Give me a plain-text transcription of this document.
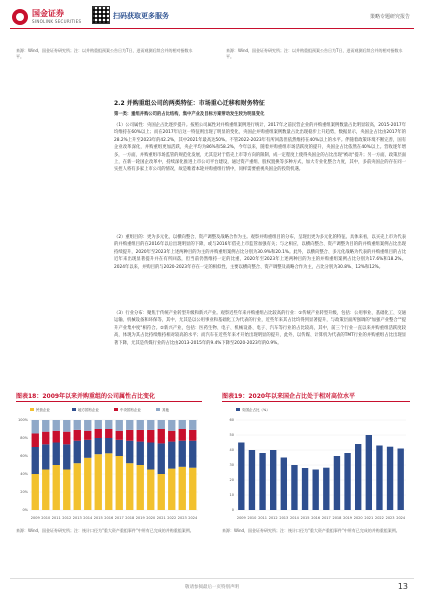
国金证券
SINOLINK SECURITIES
扫码获取更多服务	策略专题研究报告
来源：Wind，国金证券研究所；注：以并购重组预案公告日为T日，进而观测后续合并的相对指数水平。
来源：Wind，国金证券研究所；注：以并购重组预案公告日为T日，进而观测后续合并的相对指数水平。
2.2 并购重组公司的两类特征：市场重心迁移和财务特征
第一类：重组并购公司的占比结构，集中产业及目标方案带动发生较为明显变化
（1）公司属性：央国企占比逐步提升。按照公司属性对并购重组案例进行统计，2017年之前民营企业的并购重组案例数量占比明显较高，2015-2017年均维持在60%以上；而在2017年后这一特征则出现了明显的变化，央国企并购重组案例数量占比出现稳步上升趋势，数据显示，央国企占比由2017年的28.2%上升至2023年的42.2%，其中2021年最高达50%。不管2022-2023年有所回落但依然维持在40%以上的水平。伴随着政策环境不断完善，国有企业改革深化，并购重组更加活跃，央企平均为86%和58.2%，今年以来，随着并购重组市场活跃度的提升，央国企占比依然在40%以上。营收逐年增多，一方面，并购重组市场监管的规范化发展，尤其是对于借壳上市等方向的限制，成一定程度上使得央国企的占比出现"被动"提升；另一方面，政策层面上，在新一轮国企改革中，持续深化推进上市公司平台建设，通过资产重组、股权置换等多种方式，加大专业化整合力度，其中，多前央国企的存在同一实控人将有多家上市公司的情况，故是唯着本轮并购重组行情中，同样需要重视央国企的投资机遇。
（2）重组目的：更为多元化，以横向整合、资产调整及战略合作为主。观察并购重组目的分布，呈现出更为多元化的特征。具体来看，以买壳上市为代表的并购重组目的在2016年以后出现明显的下降，或与2016年借壳上市监管加强有关；与之相应，以横向整合、资产调整为目的的并购重组案例占比出现持续提升，2020年至2023年上述两种目的为主的并购重组案例占比分别为30.9%和20.1%。此外，以横向整合、多元化战略为代表的并购重组目的占比近年来出现显著提升并在有所回落，但当前仍然维持一定的比重，2020年至2023年上述两种目的为主的并购重组案例占比分别为17.6%和18.2%。2024年以来，并购目的与2020-2023年存在一定的相似性，主要以横向整合、资产调整及战略合作为主，占比分别为30.8%、12%和12%。
（3）行业分布：聚焦于传统产业转型升级和新兴产业。观察近些年来并购重组占比较高的行业：①传统产业转型升级，包括：公用事业、基础化工、交通运输、机械设备和环保等，其中，尤其是以公用事业和基础化工为代表的行业，近些年来其占比均得到显著提升，与政策层面所强调的"加强产业整合""提升产业集中度"相符合。②新兴产业，包括：医药生物、电子、机械设备、电子、汽车等行业的占比较高，其中，前三个行业一直以来并购重组活跃度较高，体现为其占比持续维持相对较高的水平；而汽车在近些年来才开始出现明显的提升，此外，以传媒、计算机为代表的TMT行业的并购重组占比出现显著下降，尤其是传媒行业的占比由2013-2015年的9.4%下降至2020-2023年的0.9%。
图表18：2009年以来并购重组的公司属性占比变化
民营企业	地方国有企业	中央国有企业	其他
0%
20%
40%
60%
80%
100%
2009 2010 2011 2012 2013 2014 2015 2016 2017 2018 2019 2020 2021 2022 2023 2024
来源：Wind，国金证券研究所；注：统计口径为"重大资产重组事件"中所有已完成的并购重组案例。
图表19：2020年以来国企占比处于相对高位水平
央国企占比（%）
0
10
20
30
40
50
60
2009 2010 2011 2012 2013 2014 2015 2016 2017 2018 2019 2020 2021 2022 2023 2024
来源：Wind，国金证券研究所；注：统计口径为"重大资产重组事件"中所有已完成的并购重组案例。
敬请参阅最后一页特别声明	13
